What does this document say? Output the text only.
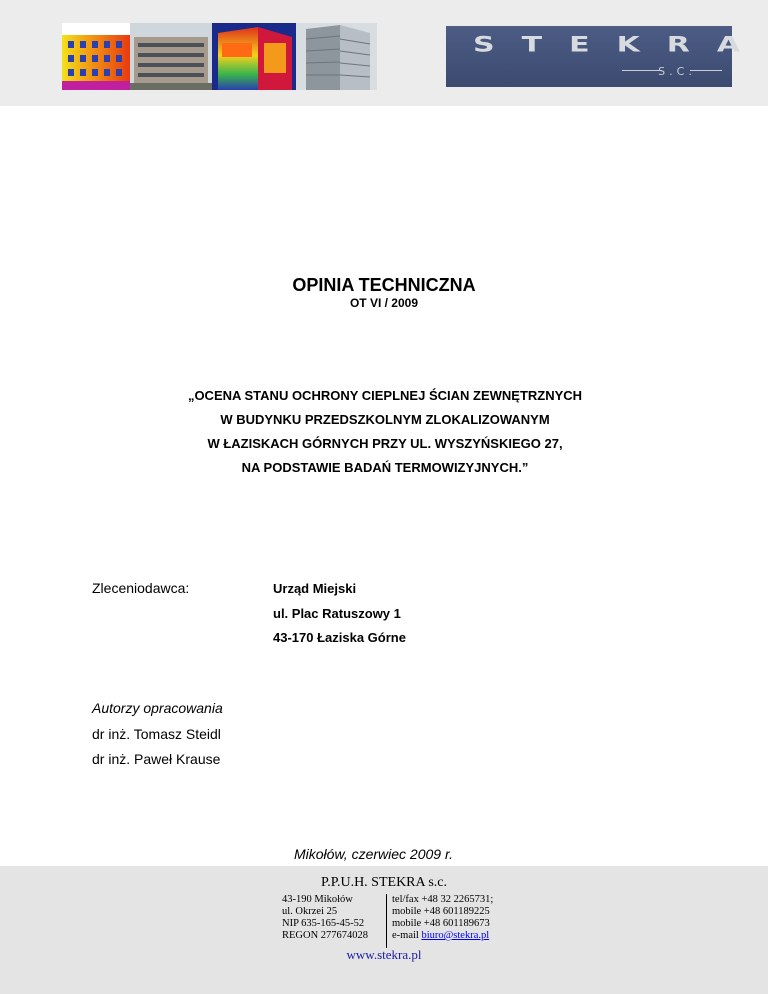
STEKRA
S.C.
OPINIA TECHNICZNA
OT VI / 2009
„OCENA STANU OCHRONY CIEPLNEJ ŚCIAN ZEWNĘTRZNYCH
W BUDYNKU PRZEDSZKOLNYM ZLOKALIZOWANYM
W ŁAZISKACH GÓRNYCH PRZY UL. WYSZYŃSKIEGO 27,
NA PODSTAWIE BADAŃ TERMOWIZYJNYCH.”
Zleceniodawca:	Urząd Miejski
ul. Plac Ratuszowy 1
43-170 Łaziska Górne
Autorzy opracowania
dr inż. Tomasz Steidl
dr inż. Paweł Krause
Mikołów, czerwiec 2009 r.
P.P.U.H. STEKRA s.c.
43-190 Mikołów
ul. Okrzei 25
NIP 635-165-45-52
REGON 277674028
tel/fax +48 32 2265731;
mobile +48 601189225
mobile +48 601189673
e-mail biuro@stekra.pl
www.stekra.pl
